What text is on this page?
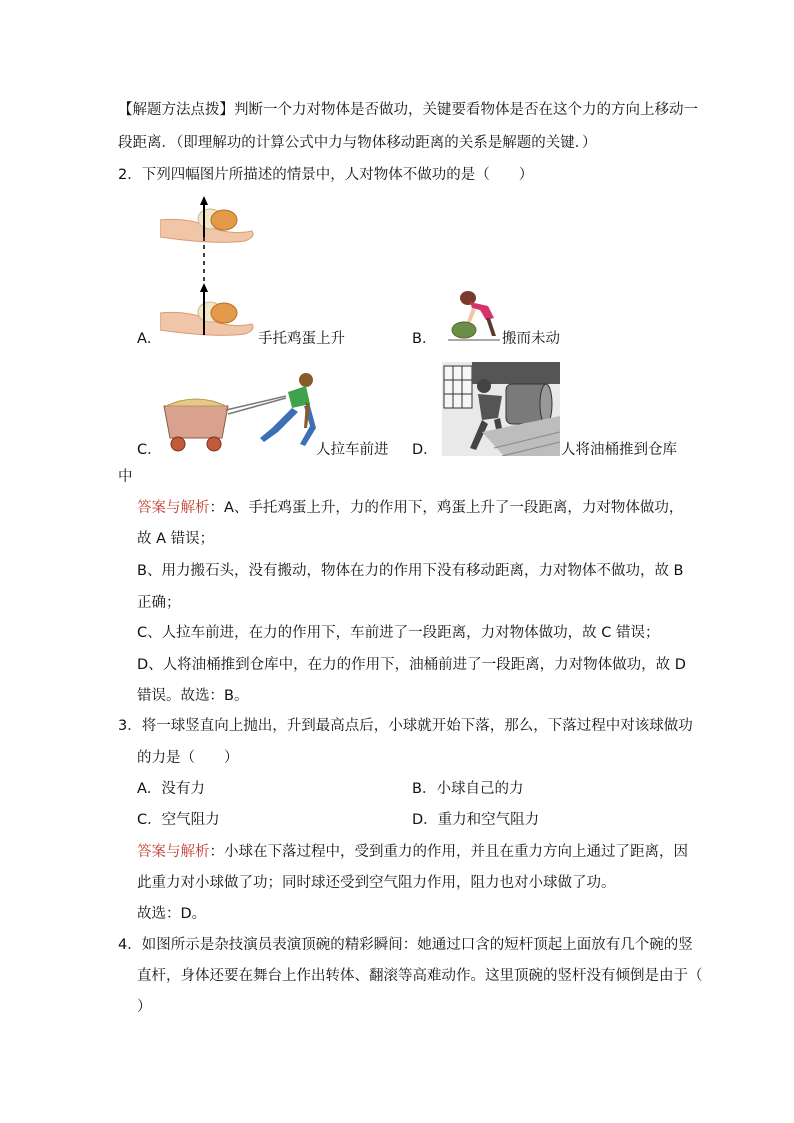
【解题方法点拨】判断一个力对物体是否做功，关键要看物体是否在这个力的方向上移动一
段距离．（即理解功的计算公式中力与物体移动距离的关系是解题的关键．）
2．下列四幅图片所描述的情景中，人对物体不做功的是（　　）
A．	手托鸡蛋上升	B．	搬而未动
C．	人拉车前进 D．	人将油桶推到仓库
中
答案与解析：A、手托鸡蛋上升，力的作用下，鸡蛋上升了一段距离，力对物体做功，
故 A 错误；
B、用力搬石头，没有搬动，物体在力的作用下没有移动距离，力对物体不做功，故 B
正确；
C、人拉车前进，在力的作用下，车前进了一段距离，力对物体做功，故 C 错误；
D、人将油桶推到仓库中，在力的作用下，油桶前进了一段距离，力对物体做功，故 D
错误。故选：B。
3．将一球竖直向上抛出，升到最高点后，小球就开始下落，那么，下落过程中对该球做功
的力是（　　）
A．没有力	B．小球自己的力
C．空气阻力	D．重力和空气阻力
答案与解析：小球在下落过程中，受到重力的作用，并且在重力方向上通过了距离，因
此重力对小球做了功；同时球还受到空气阻力作用，阻力也对小球做了功。
故选：D。
4．如图所示是杂技演员表演顶碗的精彩瞬间：她通过口含的短杆顶起上面放有几个碗的竖
直杆，身体还要在舞台上作出转体、翻滚等高难动作。这里顶碗的竖杆没有倾倒是由于（
）
